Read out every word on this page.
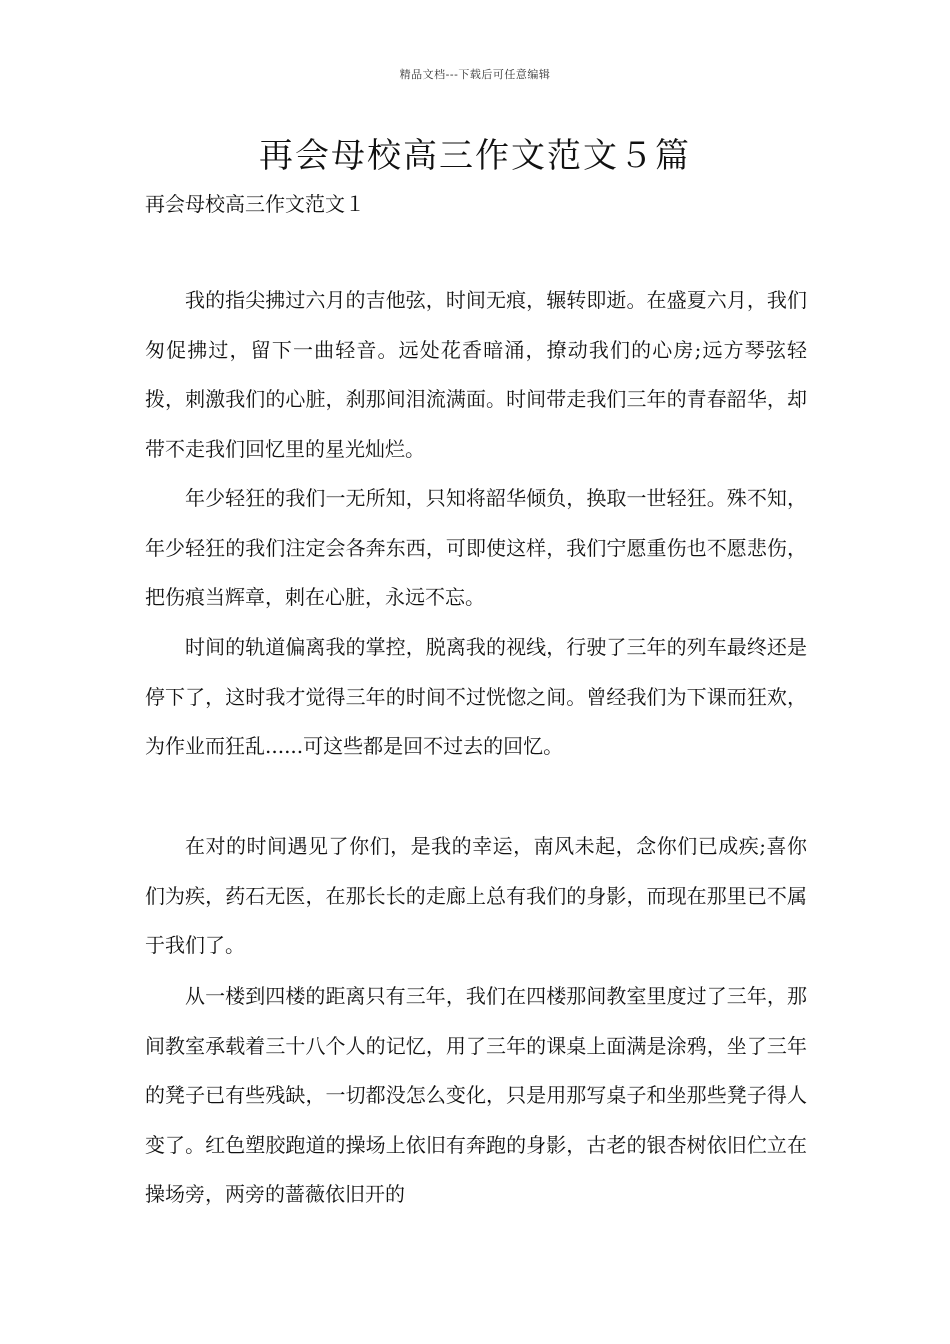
精品文档---下载后可任意编辑
再会母校高三作文范文５篇

再会母校高三作文范文１

我的指尖拂过六月的吉他弦，时间无痕，辗转即逝。在盛夏六月，我们匆促拂过，留下一曲轻音。远处花香暗涌，撩动我们的心房;远方琴弦轻拨，刺激我们的心脏，刹那间泪流满面。时间带走我们三年的青春韶华，却带不走我们回忆里的星光灿烂。

年少轻狂的我们一无所知，只知将韶华倾负，换取一世轻狂。殊不知，年少轻狂的我们注定会各奔东西，可即使这样，我们宁愿重伤也不愿悲伤，把伤痕当辉章，刺在心脏，永远不忘。

时间的轨道偏离我的掌控，脱离我的视线，行驶了三年的列车最终还是停下了，这时我才觉得三年的时间不过恍惚之间。曾经我们为下课而狂欢，为作业而狂乱......可这些都是回不过去的回忆。

在对的时间遇见了你们，是我的幸运，南风未起，念你们已成疾;喜你们为疾，药石无医，在那长长的走廊上总有我们的身影，而现在那里已不属于我们了。

从一楼到四楼的距离只有三年，我们在四楼那间教室里度过了三年，那间教室承载着三十八个人的记忆，用了三年的课桌上面满是涂鸦，坐了三年的凳子已有些残缺，一切都没怎么变化，只是用那写桌子和坐那些凳子得人变了。红色塑胶跑道的操场上依旧有奔跑的身影，古老的银杏树依旧伫立在操场旁，两旁的蔷薇依旧开的
